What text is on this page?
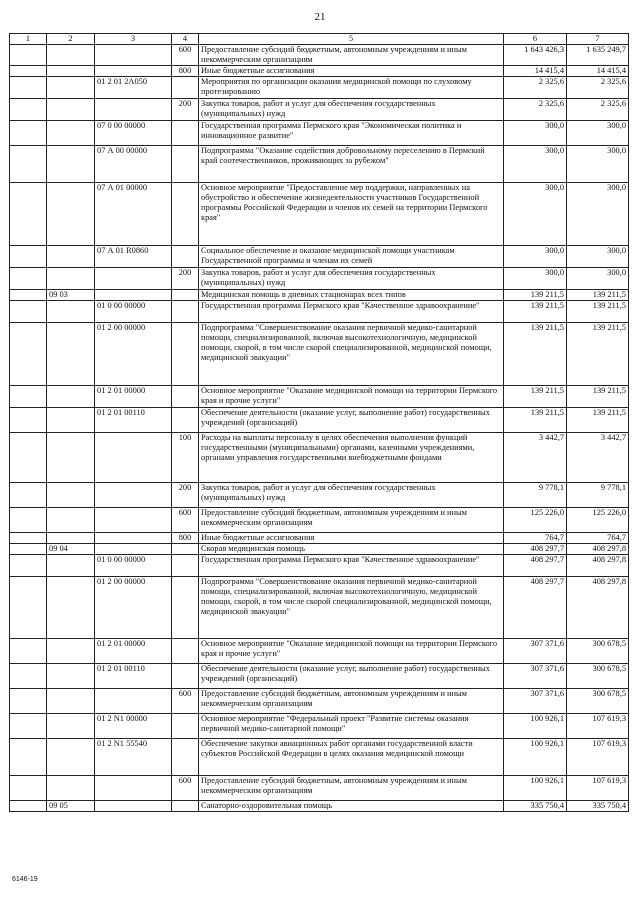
21
1	2	3	4	5	6	7
			600	Предоставление субсидий бюджетным, автономным учреждениям и иным некоммерческим организациям	1 643 426,3	1 635 249,7
			800	Иные бюджетные ассигнования	14 415,4	14 415,4
		01 2 01 2А050		Мероприятия по организации оказания медицинской помощи по слуховому протезированию	2 325,6	2 325,6
			200	Закупка товаров, работ и услуг для обеспечения государственных (муниципальных) нужд	2 325,6	2 325,6
		07 0 00 00000		Государственная программа Пермского края "Экономическая политика и инновационное развитие"	300,0	300,0
		07 А 00 00000		Подпрограмма "Оказание содействия добровольному переселению в Пермский край соотечественников, проживающих за рубежом"	300,0	300,0
		07 А 01 00000		Основное мероприятие "Предоставление мер поддержки, направленных на обустройство и обеспечение жизнедеятельности участников Государственной программы Российской Федерации и членов их семей на территории Пермского края"	300,0	300,0
		07 А 01 R0860		Социальное обеспечение и оказание медицинской помощи участникам Государственной программы и членам их семей	300,0	300,0
			200	Закупка товаров, работ и услуг для обеспечения государственных (муниципальных) нужд	300,0	300,0
	09 03			Медицинская помощь в дневных стационарах всех типов	139 211,5	139 211,5
		01 0 00 00000		Государственная программа Пермского края "Качественное здравоохранение"	139 211,5	139 211,5
		01 2 00 00000		Подпрограмма "Совершенствование оказания первичной медико-санитарной помощи, специализированной, включая высокотехнологичную, медицинской помощи, скорой, в том числе скорой специализированной, медицинской помощи, медицинской эвакуации"	139 211,5	139 211,5
		01 2 01 00000		Основное мероприятие "Оказание медицинской помощи на территории Пермского края и прочие услуги"	139 211,5	139 211,5
		01 2 01 00110		Обеспечение деятельности (оказание услуг, выполнение работ) государственных учреждений (организаций)	139 211,5	139 211,5
			100	Расходы на выплаты персоналу в целях обеспечения выполнения функций государственными (муниципальными) органами, казенными учреждениями, органами управления государственными внебюджетными фондами	3 442,7	3 442,7
			200	Закупка товаров, работ и услуг для обеспечения государственных (муниципальных) нужд	9 778,1	9 778,1
			600	Предоставление субсидий бюджетным, автономным учреждениям и иным некоммерческим организациям	125 226,0	125 226,0
			800	Иные бюджетные ассигнования	764,7	764,7
	09 04			Скорая медицинская помощь	408 297,7	408 297,8
		01 0 00 00000		Государственная программа Пермского края "Качественное здравоохранение"	408 297,7	408 297,8
		01 2 00 00000		Подпрограмма "Совершенствование оказания первичной медико-санитарной помощи, специализированной, включая высокотехнологичную, медицинской помощи, скорой, в том числе скорой специализированной, медицинской помощи, медицинской эвакуации"	408 297,7	408 297,8
		01 2 01 00000		Основное мероприятие "Оказание медицинской помощи на территории Пермского края и прочие услуги"	307 371,6	300 678,5
		01 2 01 00110		Обеспечение деятельности (оказание услуг, выполнение работ) государственных учреждений (организаций)	307 371,6	300 678,5
			600	Предоставление субсидий бюджетным, автономным учреждениям и иным некоммерческим организациям	307 371,6	300 678,5
		01 2 N1 00000		Основное мероприятие "Федеральный проект "Развитие системы оказания первичной медико-санитарной помощи"	100 926,1	107 619,3
		01 2 N1 55540		Обеспечение закупки авиационных работ органами государственной власти субъектов Российской Федерации в целях оказания медицинской помощи	100 926,1	107 619,3
			600	Предоставление субсидий бюджетным, автономным учреждениям и иным некоммерческим организациям	100 926,1	107 619,3
	09 05			Санаторно-оздоровительная помощь	335 750,4	335 750,4
6146-19
